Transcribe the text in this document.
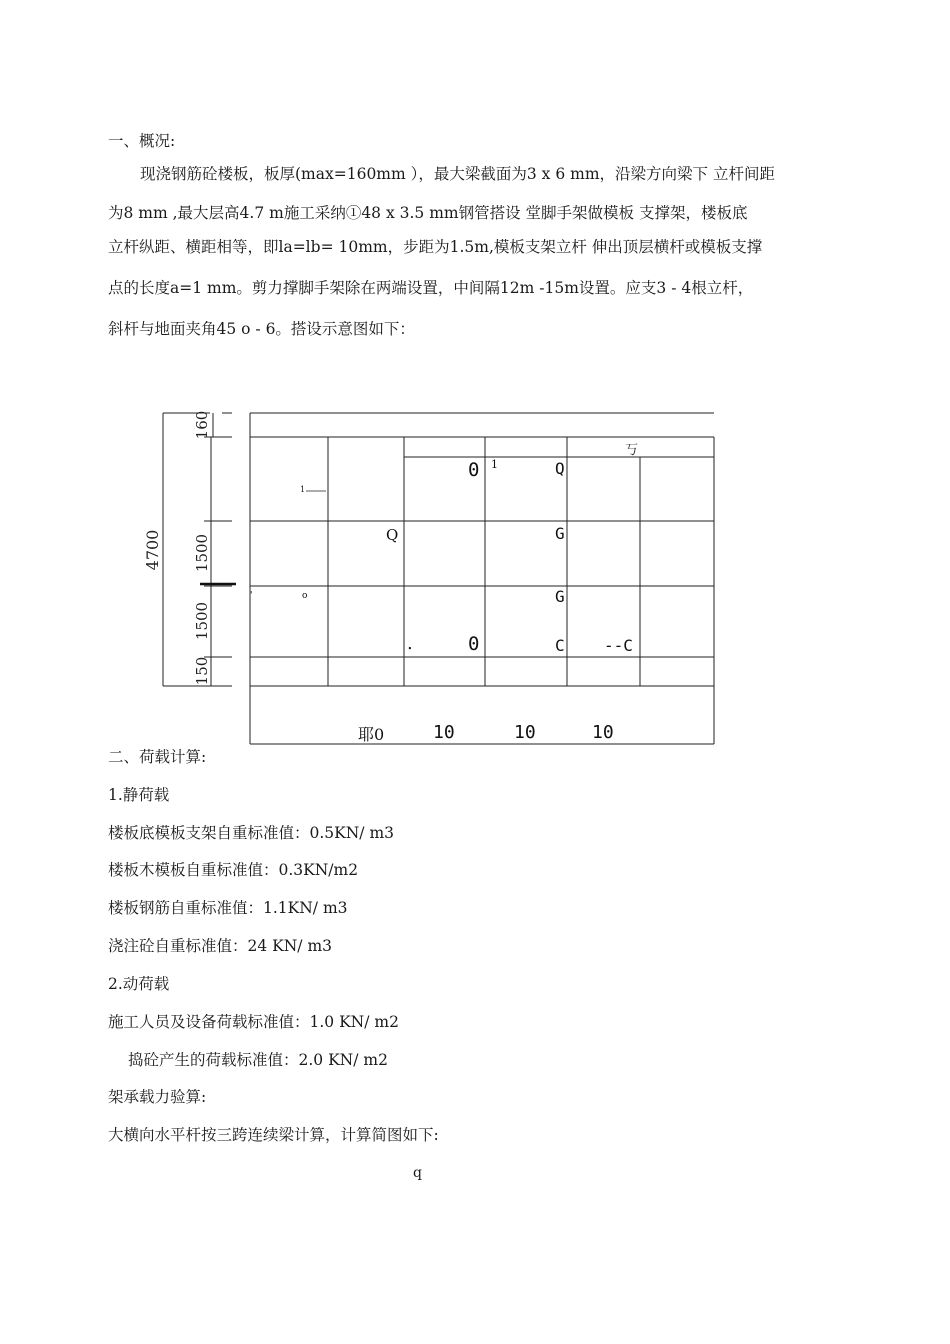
一、概况:
现浇钢筋砼楼板，板厚(max=160mm ），最大梁截面为3 x 6 mm，沿梁方向梁下 立杆间距
为8 mm ,最大层高4.7 m施工采纳①48 x 3.5 mm钢管搭设 堂脚手架做模板 支撑架，楼板底
立杆纵距、横距相等，即la=lb= 10mm，步距为1.5m,模板支架立杆 伸出顶层横杆或模板支撑
点的长度a=1 mm。剪力撑脚手架除在两端设置，中间隔12m -15m设置。应支3 - 4根立杆，
斜杆与地面夹角45 o - 6。搭设示意图如下：
4700
160
1500
1500
150
丂
0 1	Q
1
Q	G
'	o	G
.	0	C --C
耶0	10	10	10
二、荷载计算:
1.静荷载
楼板底模板支架自重标准值：0.5KN/ m3
楼板木模板自重标准值：0.3KN/m2
楼板钢筋自重标准值：1.1KN/ m3
浇注砼自重标准值：24 KN/ m3
2.动荷载
施工人员及设备荷载标准值：1.0 KN/ m2
捣砼产生的荷载标准值：2.0 KN/ m2
架承载力验算:
大横向水平杆按三跨连续梁计算，计算简图如下:
q
